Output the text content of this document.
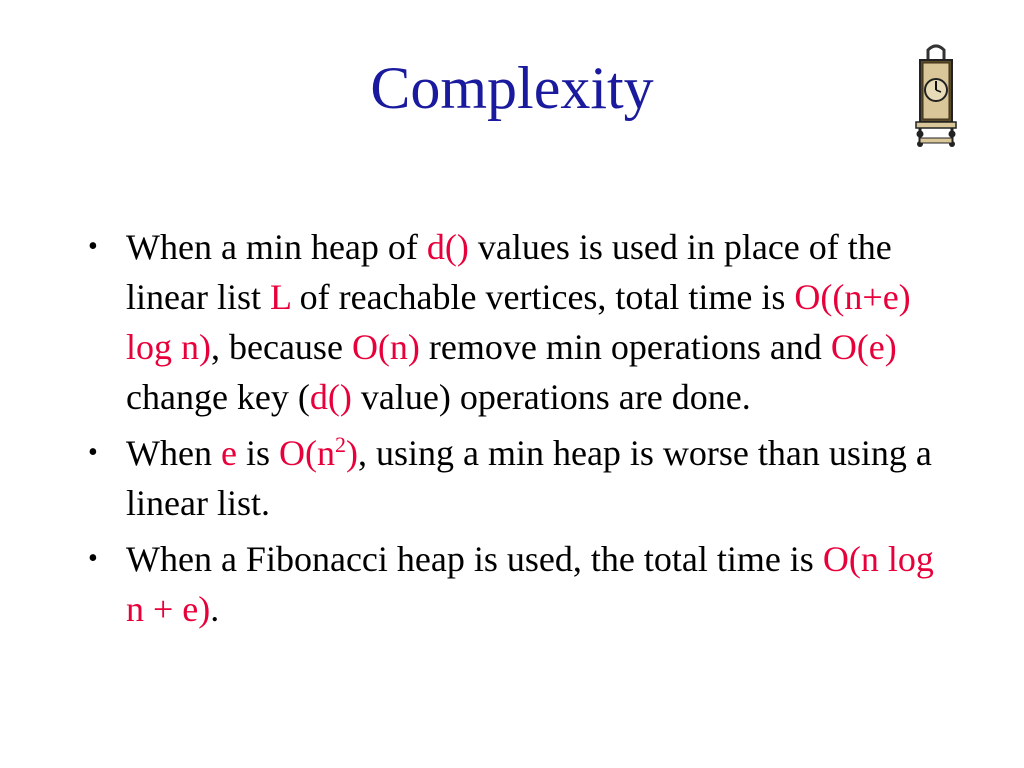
Complexity
• When a min heap of d() values is used in place of the linear list L of reachable vertices, total time is O((n+e) log n), because O(n) remove min operations and O(e) change key (d() value) operations are done.
• When e is $O(n^2)$, using a min heap is worse than using a linear list.
• When a Fibonacci heap is used, the total time is O(n log n + e).
